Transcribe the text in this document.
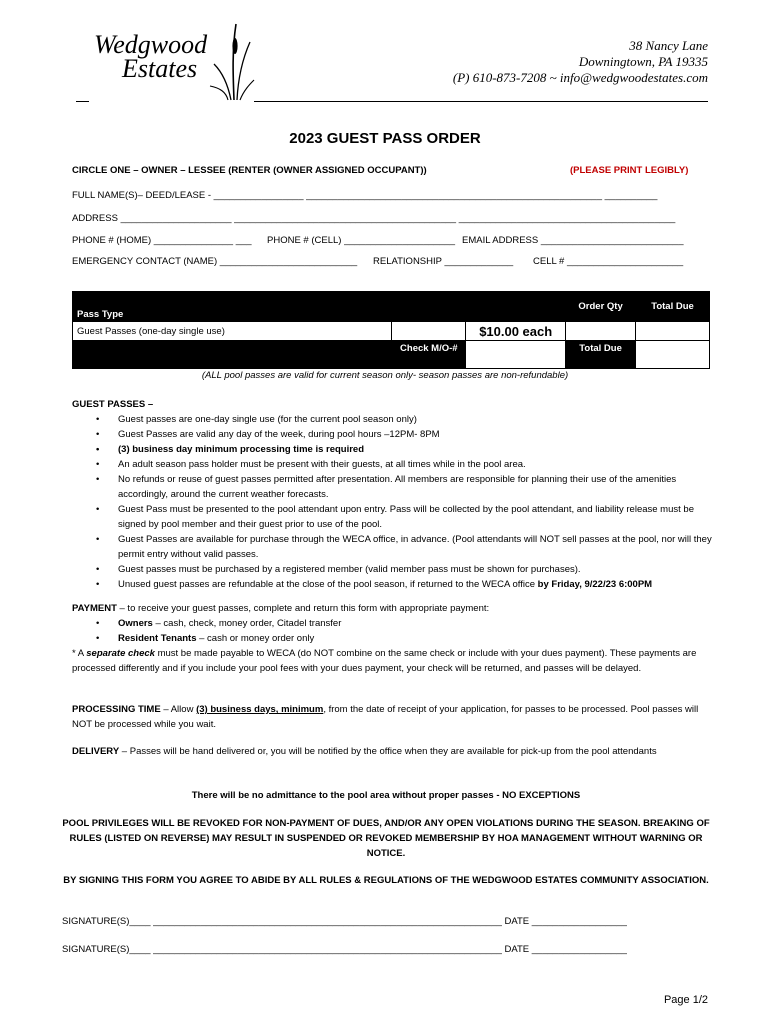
Wedgwood
Estates
38 Nancy Lane
Downingtown, PA 19335
(P) 610-873-7208 ~ info@wedgwoodestates.com
2023 GUEST PASS ORDER
CIRCLE ONE – OWNER – LESSEE (RENTER (OWNER ASSIGNED OCCUPANT))	(PLEASE PRINT LEGIBLY)
FULL NAME(S)– DEED/LEASE - _________________ ________________________________________________________ __________
ADDRESS _____________________ __________________________________________ _________________________________________
PHONE # (HOME) _______________ ___ PHONE # (CELL) _____________________ EMAIL ADDRESS ___________________________
EMERGENCY CONTACT (NAME) __________________________ RELATIONSHIP _____________ CELL # ______________________
Pass Type			Order Qty	Total Due
Guest Passes (one-day single use)		$10.00 each		
	Check M/O-#		Total Due	
(ALL pool passes are valid for current season only- season passes are non-refundable)
GUEST PASSES –
• Guest passes are one-day single use (for the current pool season only)
• Guest Passes are valid any day of the week, during pool hours –12PM- 8PM
• (3) business day minimum processing time is required
• An adult season pass holder must be present with their guests, at all times while in the pool area.
• No refunds or reuse of guest passes permitted after presentation. All members are responsible for planning their use of the amenities accordingly, around the current weather forecasts.
• Guest Pass must be presented to the pool attendant upon entry. Pass will be collected by the pool attendant, and liability release must be signed by pool member and their guest prior to use of the pool.
• Guest Passes are available for purchase through the WECA office, in advance. (Pool attendants will NOT sell passes at the pool, nor will they permit entry without valid passes.
• Guest passes must be purchased by a registered member (valid member pass must be shown for purchases).
• Unused guest passes are refundable at the close of the pool season, if returned to the WECA office by Friday, 9/22/23 6:00PM
PAYMENT – to receive your guest passes, complete and return this form with appropriate payment:
• Owners – cash, check, money order, Citadel transfer
• Resident Tenants – cash or money order only
* A separate check must be made payable to WECA (do NOT combine on the same check or include with your dues payment). These payments are processed differently and if you include your pool fees with your dues payment, your check will be returned, and passes will be delayed.
PROCESSING TIME – Allow (3) business days, minimum, from the date of receipt of your application, for passes to be processed. Pool passes will NOT be processed while you wait.
DELIVERY – Passes will be hand delivered or, you will be notified by the office when they are available for pick-up from the pool attendants
There will be no admittance to the pool area without proper passes - NO EXCEPTIONS
POOL PRIVILEGES WILL BE REVOKED FOR NON-PAYMENT OF DUES, AND/OR ANY OPEN VIOLATIONS DURING THE SEASON. BREAKING OF RULES (LISTED ON REVERSE) MAY RESULT IN SUSPENDED OR REVOKED MEMBERSHIP BY HOA MANAGEMENT WITHOUT WARNING OR NOTICE.
BY SIGNING THIS FORM YOU AGREE TO ABIDE BY ALL RULES & REGULATIONS OF THE WEDGWOOD ESTATES COMMUNITY ASSOCIATION.
SIGNATURE(S)____ __________________________________________________________________ DATE __________________
SIGNATURE(S)____ __________________________________________________________________ DATE __________________
Page 1/2
